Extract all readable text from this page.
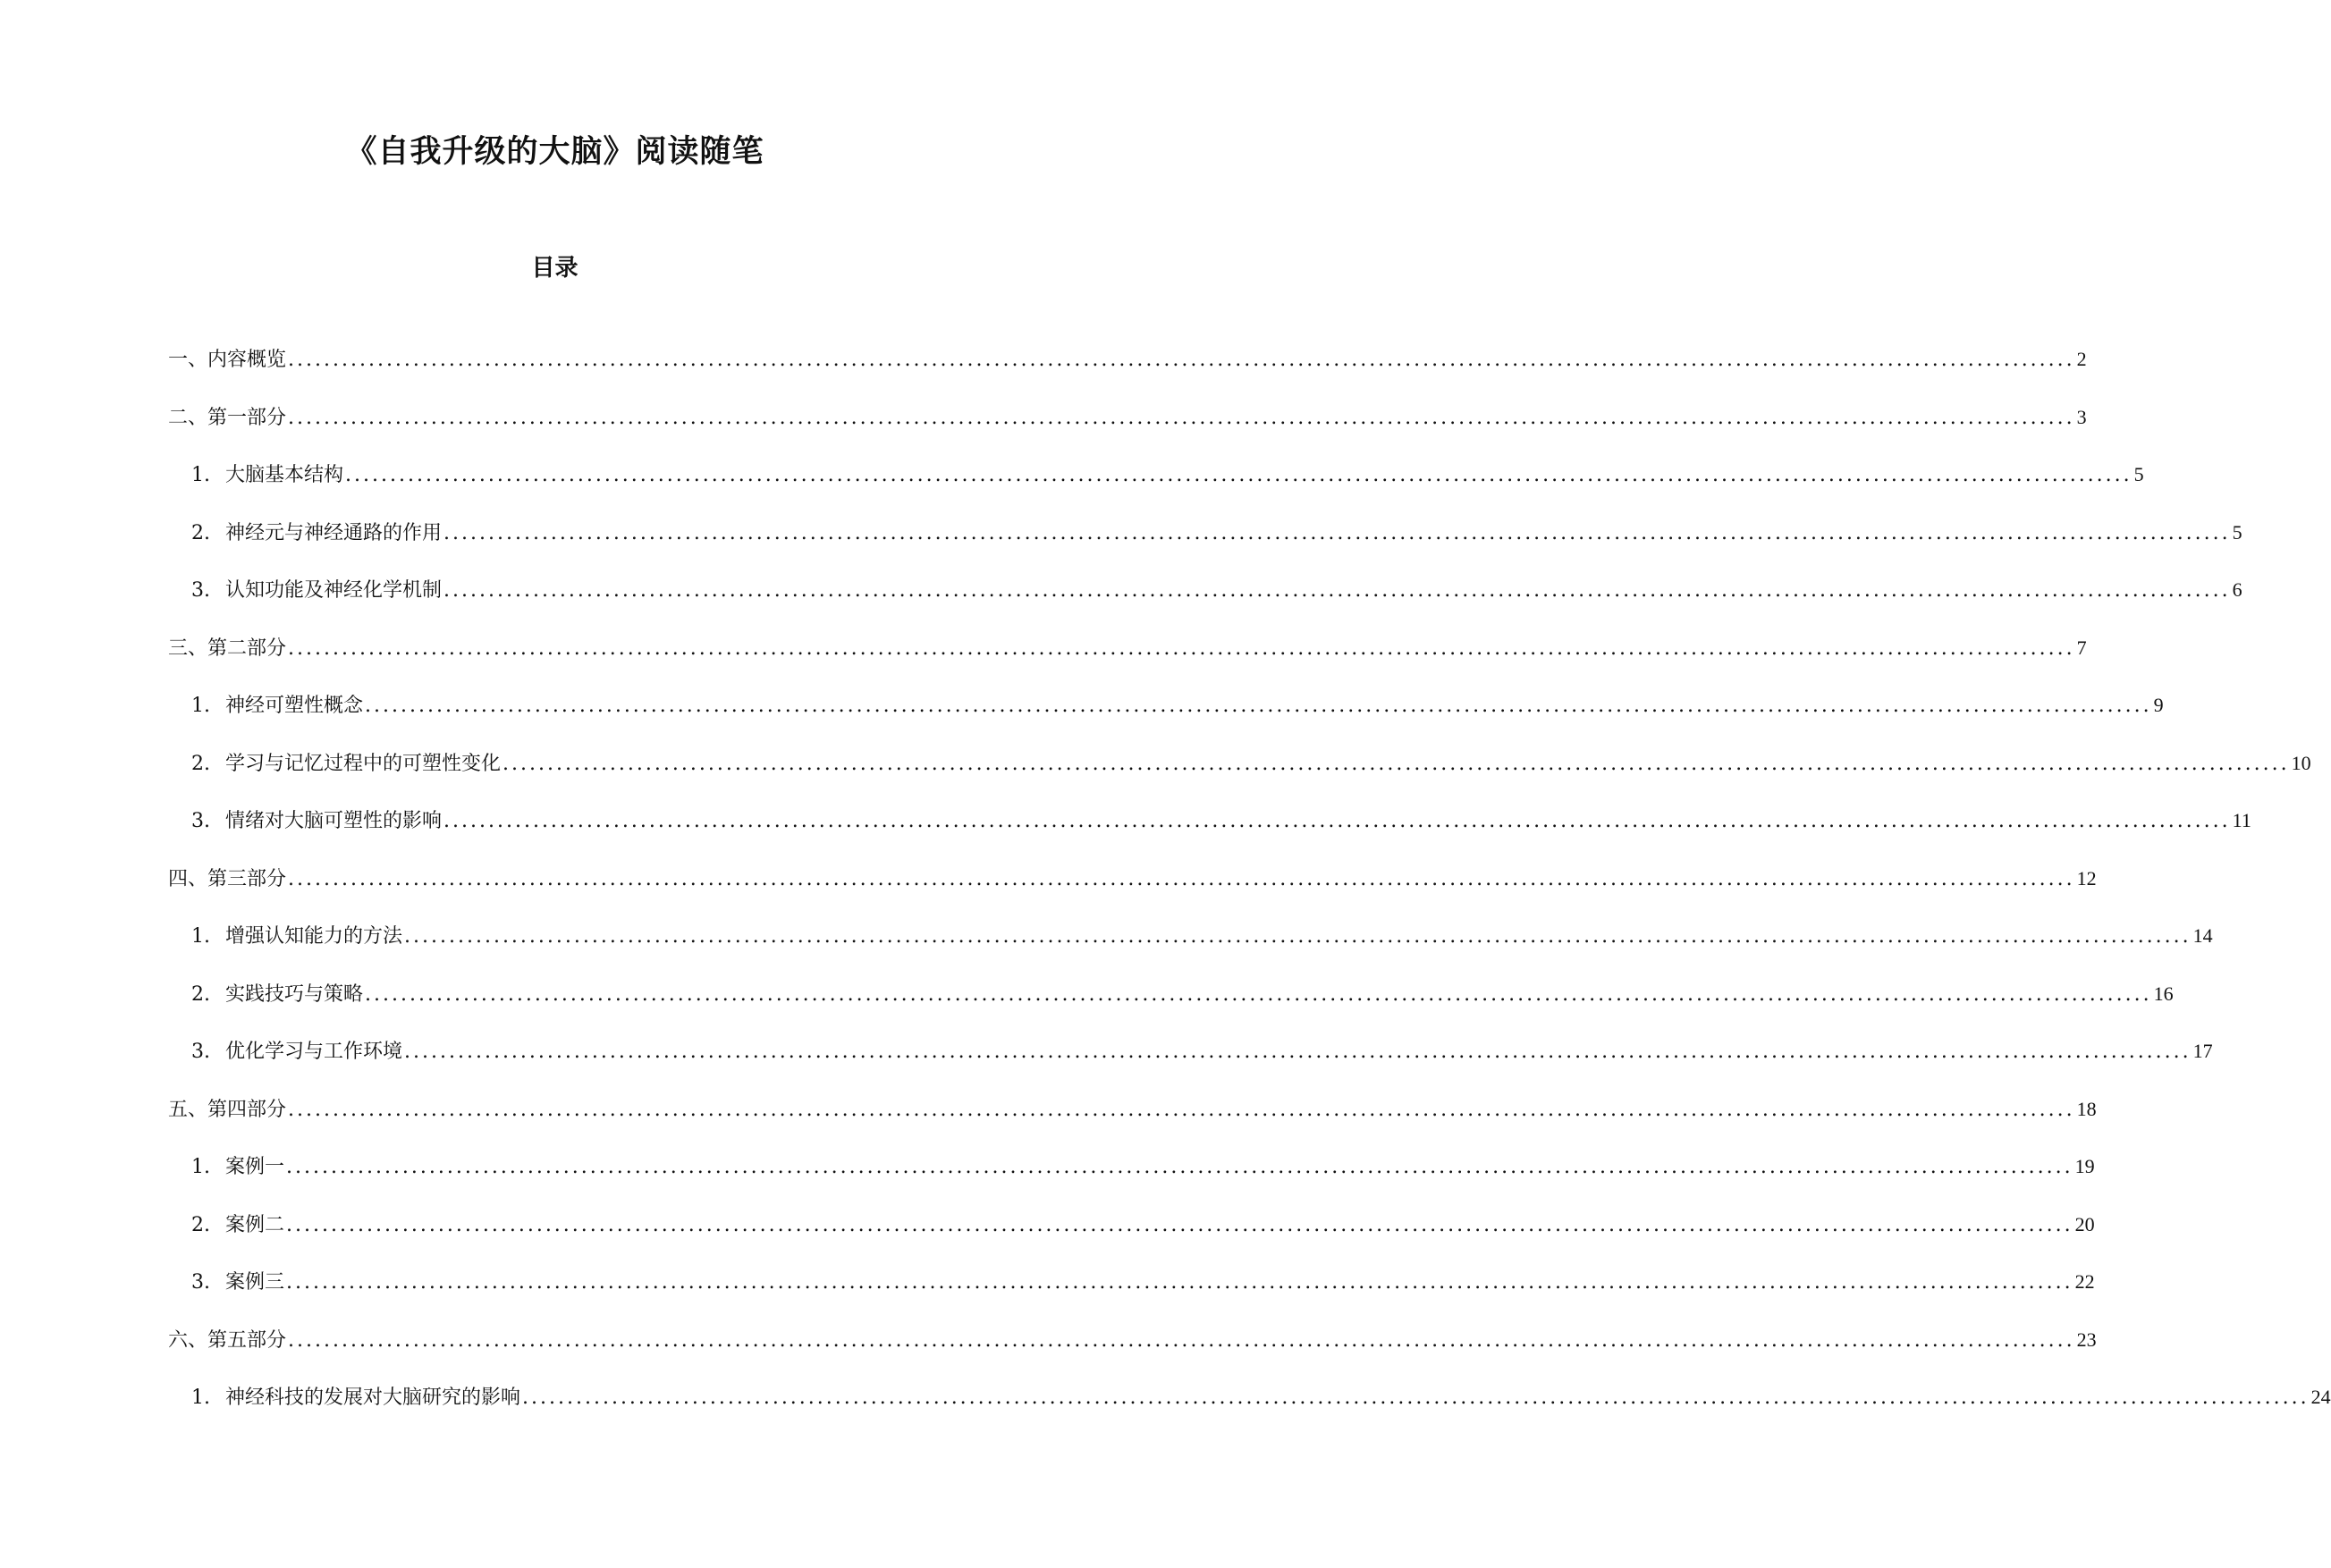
《自我升级的大脑》阅读随笔
目录
一、内容概览 ........................................................................................................................................................................................................ 2
二、第一部分 ........................................................................................................................................................................................................ 3
1. 大脑基本结构 ........................................................................................................................................................................................................ 5
2. 神经元与神经通路的作用 ........................................................................................................................................................................................................ 5
3. 认知功能及神经化学机制 ........................................................................................................................................................................................................ 6
三、第二部分 ........................................................................................................................................................................................................ 7
1. 神经可塑性概念 ........................................................................................................................................................................................................ 9
2. 学习与记忆过程中的可塑性变化 ........................................................................................................................................................................................................ 10
3. 情绪对大脑可塑性的影响 ........................................................................................................................................................................................................ 11
四、第三部分 ........................................................................................................................................................................................................ 12
1. 增强认知能力的方法 ........................................................................................................................................................................................................ 14
2. 实践技巧与策略 ........................................................................................................................................................................................................ 16
3. 优化学习与工作环境 ........................................................................................................................................................................................................ 17
五、第四部分 ........................................................................................................................................................................................................ 18
1. 案例一 ........................................................................................................................................................................................................ 19
2. 案例二 ........................................................................................................................................................................................................ 20
3. 案例三 ........................................................................................................................................................................................................ 22
六、第五部分 ........................................................................................................................................................................................................ 23
1. 神经科技的发展对大脑研究的影响 ........................................................................................................................................................................................................ 24
